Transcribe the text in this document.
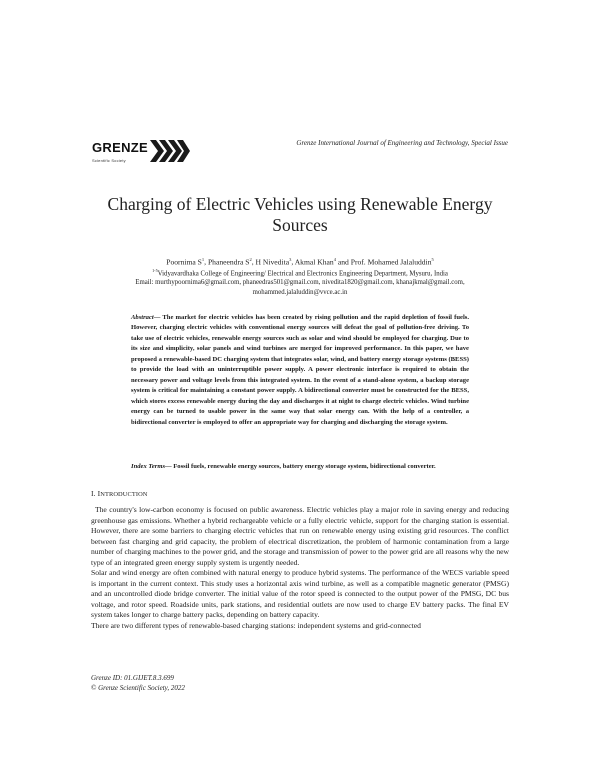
GRENZE
Scientific Society
Grenze International Journal of Engineering and Technology, Special Issue
Charging of Electric Vehicles using Renewable Energy
Sources
Poornima $S^1$, Phaneendra $S^2$, H Nivedita$^3$, Akmal Khan$^4$ and Prof. Mohamed Jalaluddin$^5$
$^{1-5}$Vidyavardhaka College of Engineering/ Electrical and Electronics Engineering Department, Mysuru, India
Email: murthypoornima6@gmail.com, phaneedras501@gmail.com, nivedita1820@gmail.com, khanajkmal@gmail.com,
mohammed.jalaluddin@vvce.ac.in
Abstract— The market for electric vehicles has been created by rising pollution and the rapid depletion of fossil fuels. However, charging electric vehicles with conventional energy sources will defeat the goal of pollution-free driving. To take use of electric vehicles, renewable energy sources such as solar and wind should be employed for charging. Due to its size and simplicity, solar panels and wind turbines are merged for improved performance. In this paper, we have proposed a renewable-based DC charging system that integrates solar, wind, and battery energy storage systems (BESS) to provide the load with an uninterruptible power supply. A power electronic interface is required to obtain the necessary power and voltage levels from this integrated system. In the event of a stand-alone system, a backup storage system is critical for maintaining a constant power supply. A bidirectional converter must be constructed for the BESS, which stores excess renewable energy during the day and discharges it at night to charge electric vehicles. Wind turbine energy can be turned to usable power in the same way that solar energy can. With the help of a controller, a bidirectional converter is employed to offer an appropriate way for charging and discharging the storage system.
Index Terms— Fossil fuels, renewable energy sources, battery energy storage system, bidirectional converter.
I. INTRODUCTION

The country's low-carbon economy is focused on public awareness. Electric vehicles play a major role in saving energy and reducing greenhouse gas emissions. Whether a hybrid rechargeable vehicle or a fully electric vehicle, support for the charging station is essential. However, there are some barriers to charging electric vehicles that run on renewable energy using existing grid resources. The conflict between fast charging and grid capacity, the problem of electrical discretization, the problem of harmonic contamination from a large number of charging machines to the power grid, and the storage and transmission of power to the power grid are all reasons why the new type of an integrated green energy supply system is urgently needed.

Solar and wind energy are often combined with natural energy to produce hybrid systems. The performance of the WECS variable speed is important in the current context. This study uses a horizontal axis wind turbine, as well as a compatible magnetic generator (PMSG) and an uncontrolled diode bridge converter. The initial value of the rotor speed is connected to the output power of the PMSG, DC bus voltage, and rotor speed. Roadside units, park stations, and residential outlets are now used to charge EV battery packs. The final EV system takes longer to charge battery packs, depending on battery capacity.

There are two different types of renewable-based charging stations: independent systems and grid-connected

Grenze ID: 01.GIJET.8.3.699
© Grenze Scientific Society, 2022
